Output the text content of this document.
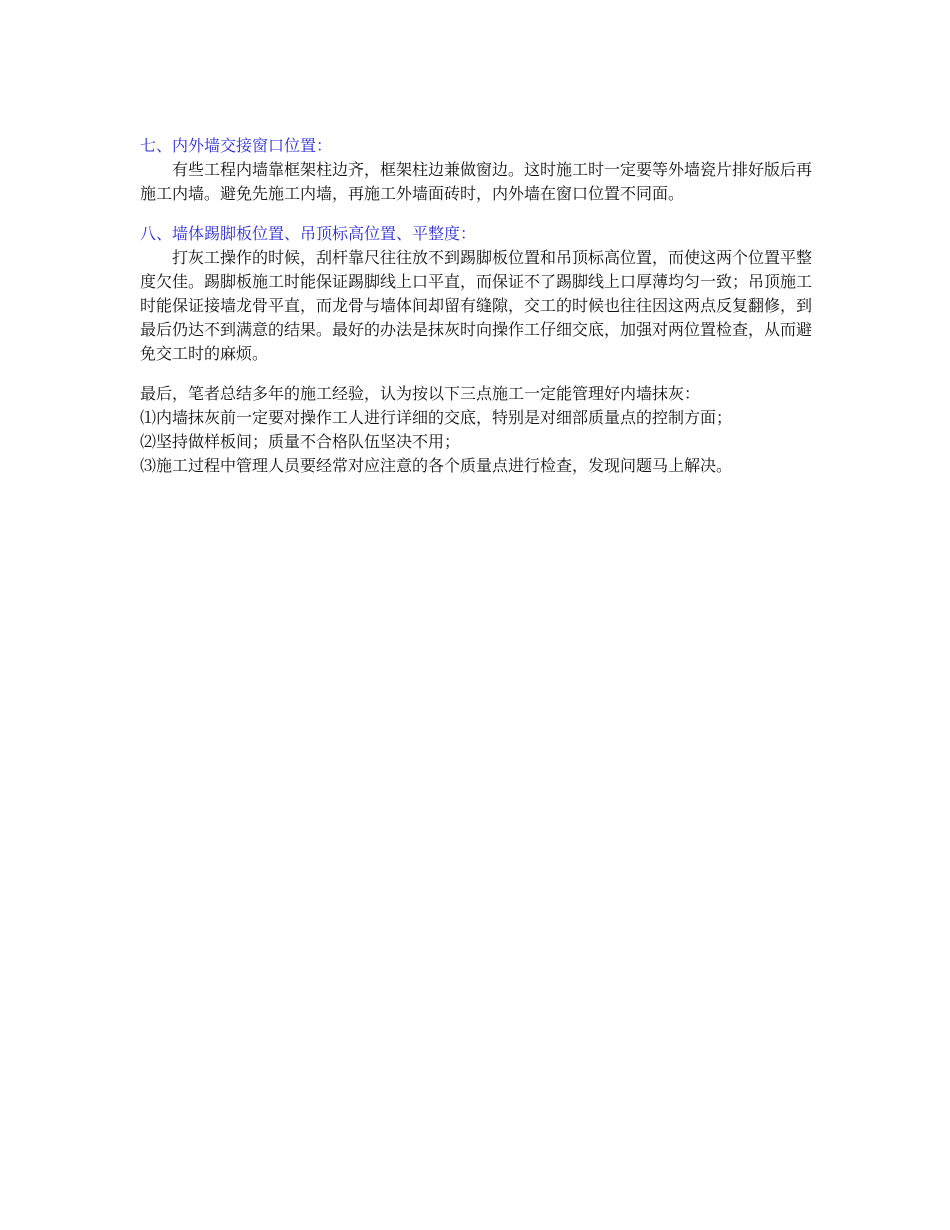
七、内外墙交接窗口位置：

有些工程内墙靠框架柱边齐，框架柱边兼做窗边。这时施工时一定要等外墙瓷片排好版后再施工内墙。避免先施工内墙，再施工外墙面砖时，内外墙在窗口位置不同面。

八、墙体踢脚板位置、吊顶标高位置、平整度：

打灰工操作的时候，刮杆靠尺往往放不到踢脚板位置和吊顶标高位置，而使这两个位置平整度欠佳。踢脚板施工时能保证踢脚线上口平直，而保证不了踢脚线上口厚薄均匀一致；吊顶施工时能保证接墙龙骨平直，而龙骨与墙体间却留有缝隙，交工的时候也往往因这两点反复翻修，到最后仍达不到满意的结果。最好的办法是抹灰时向操作工仔细交底，加强对两位置检查，从而避免交工时的麻烦。

最后，笔者总结多年的施工经验，认为按以下三点施工一定能管理好内墙抹灰：

⑴内墙抹灰前一定要对操作工人进行详细的交底，特别是对细部质量点的控制方面；

⑵坚持做样板间；质量不合格队伍坚决不用；

⑶施工过程中管理人员要经常对应注意的各个质量点进行检查，发现问题马上解决。
